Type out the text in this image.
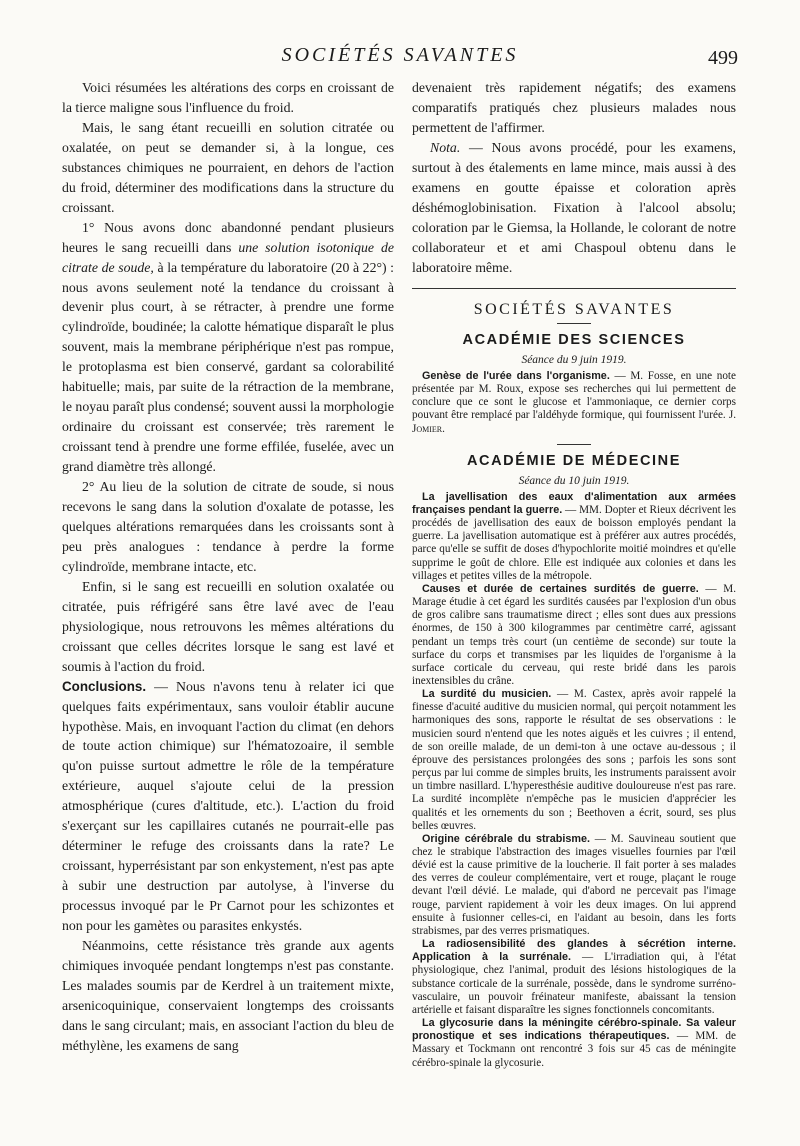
SOCIÉTÉS SAVANTES	499

Voici résumées les altérations des corps en croissant de la tierce maligne sous l'influence du froid.

Mais, le sang étant recueilli en solution citratée ou oxalatée, on peut se demander si, à la longue, ces substances chimiques ne pourraient, en dehors de l'action du froid, déterminer des modifications dans la structure du croissant.

1° Nous avons donc abandonné pendant plusieurs heures le sang recueilli dans une solution isotonique de citrate de soude, à la température du laboratoire (20 à 22°) : nous avons seulement noté la tendance du croissant à devenir plus court, à se rétracter, à prendre une forme cylindroïde, boudinée; la calotte hématique disparaît le plus souvent, mais la membrane périphérique n'est pas rompue, le protoplasma est bien conservé, gardant sa colorabilité habituelle; mais, par suite de la rétraction de la membrane, le noyau paraît plus condensé; souvent aussi la morphologie ordinaire du croissant est conservée; très rarement le croissant tend à prendre une forme effilée, fuselée, avec un grand diamètre très allongé.

2° Au lieu de la solution de citrate de soude, si nous recevons le sang dans la solution d'oxalate de potasse, les quelques altérations remarquées dans les croissants sont à peu près analogues : tendance à perdre la forme cylindroïde, membrane intacte, etc.

Enfin, si le sang est recueilli en solution oxalatée ou citratée, puis réfrigéré sans être lavé avec de l'eau physiologique, nous retrouvons les mêmes altérations du croissant que celles décrites lorsque le sang est lavé et soumis à l'action du froid.

Conclusions. — Nous n'avons tenu à relater ici que quelques faits expérimentaux, sans vouloir établir aucune hypothèse. Mais, en invoquant l'action du climat (en dehors de toute action chimique) sur l'hématozoaire, il semble qu'on puisse surtout admettre le rôle de la température extérieure, auquel s'ajoute celui de la pression atmosphérique (cures d'altitude, etc.). L'action du froid s'exerçant sur les capillaires cutanés ne pourrait-elle pas déterminer le refuge des croissants dans la rate? Le croissant, hyperrésistant par son enkystement, n'est pas apte à subir une destruction par autolyse, à l'inverse du processus invoqué par le Pr Carnot pour les schizontes et non pour les gamètes ou parasites enkystés.

Néanmoins, cette résistance très grande aux agents chimiques invoquée pendant longtemps n'est pas constante. Les malades soumis par de Kerdrel à un traitement mixte, arsenicoquinique, conservaient longtemps des croissants dans le sang circulant; mais, en associant l'action du bleu de méthylène, les examens de sang

devenaient très rapidement négatifs; des examens comparatifs pratiqués chez plusieurs malades nous permettent de l'affirmer.

Nota. — Nous avons procédé, pour les examens, surtout à des étalements en lame mince, mais aussi à des examens en goutte épaisse et coloration après déshémoglobinisation. Fixation à l'alcool absolu; coloration par le Giemsa, la Hollande, le colorant de notre collaborateur et et ami Chaspoul obtenu dans le laboratoire même.

SOCIÉTÉS SAVANTES
ACADÉMIE DES SCIENCES
Séance du 9 juin 1919.

Genèse de l'urée dans l'organisme. — M. Fosse, en une note présentée par M. Roux, expose ses recherches qui lui permettent de conclure que ce sont le glucose et l'ammoniaque, ce dernier corps pouvant être remplacé par l'aldéhyde formique, qui fournissent l'urée. J. Jomier.

ACADÉMIE DE MÉDECINE
Séance du 10 juin 1919.

La javellisation des eaux d'alimentation aux armées françaises pendant la guerre. — MM. Dopter et Rieux décrivent les procédés de javellisation des eaux de boisson employés pendant la guerre. La javellisation automatique est à préférer aux autres procédés, parce qu'elle se suffit de doses d'hypochlorite moitié moindres et qu'elle supprime le goût de chlore. Elle est indiquée aux colonies et dans les villages et petites villes de la métropole.

Causes et durée de certaines surdités de guerre. — M. Marage étudie à cet égard les surdités causées par l'explosion d'un obus de gros calibre sans traumatisme direct ; elles sont dues aux pressions énormes, de 150 à 300 kilogrammes par centimètre carré, agissant pendant un temps très court (un centième de seconde) sur toute la surface du corps et transmises par les liquides de l'organisme à la surface corticale du cerveau, qui reste bridé dans les parois inextensibles du crâne.

La surdité du musicien. — M. Castex, après avoir rappelé la finesse d'acuité auditive du musicien normal, qui perçoit notamment les harmoniques des sons, rapporte le résultat de ses observations : le musicien sourd n'entend que les notes aiguës et les cuivres ; il entend, de son oreille malade, de un demi-ton à une octave au-dessous ; il éprouve des persistances prolongées des sons ; parfois les sons sont perçus par lui comme de simples bruits, les instruments paraissent avoir un timbre nasillard. L'hyperesthésie auditive douloureuse n'est pas rare. La surdité incomplète n'empêche pas le musicien d'apprécier les qualités et les ornements du son ; Beethoven a écrit, sourd, ses plus belles œuvres.

Origine cérébrale du strabisme. — M. Sauvineau soutient que chez le strabique l'abstraction des images visuelles fournies par l'œil dévié est la cause primitive de la loucherie. Il fait porter à ses malades des verres de couleur complémentaire, vert et rouge, plaçant le rouge devant l'œil dévié. Le malade, qui d'abord ne percevait pas l'image rouge, parvient rapidement à voir les deux images. On lui apprend ensuite à fusionner celles-ci, en l'aidant au besoin, dans les forts strabismes, par des verres prismatiques.

La radiosensibilité des glandes à sécrétion interne. Application à la surrénale. — L'irradiation qui, à l'état physiologique, chez l'animal, produit des lésions histologiques de la substance corticale de la surrénale, possède, dans le syndrome surréno-vasculaire, un pouvoir fréinateur manifeste, abaissant la tension artérielle et faisant disparaître les signes fonctionnels concomitants.

La glycosurie dans la méningite cérébro-spinale. Sa valeur pronostique et ses indications thérapeutiques. — MM. de Massary et Tockmann ont rencontré 3 fois sur 45 cas de méningite cérébro-spinale la glycosurie.
